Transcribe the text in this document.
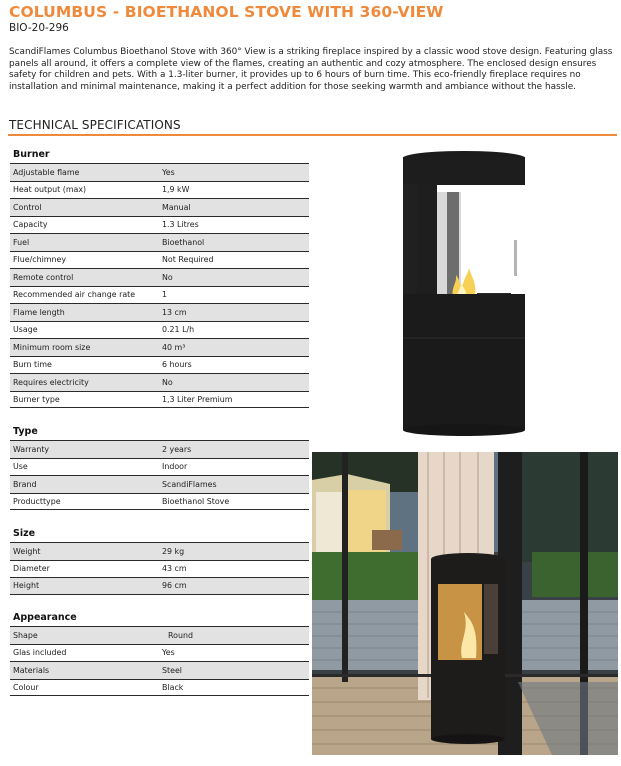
COLUMBUS - BIOETHANOL STOVE WITH 360-VIEW
BIO-20-296

ScandiFlames Columbus Bioethanol Stove with 360° View is a striking fireplace inspired by a classic wood stove design. Featuring glass panels all around, it offers a complete view of the flames, creating an authentic and cozy atmosphere. The enclosed design ensures safety for children and pets. With a 1.3-liter burner, it provides up to 6 hours of burn time. This eco-friendly fireplace requires no installation and minimal maintenance, making it a perfect addition for those seeking warmth and ambiance without the hassle.

TECHNICAL SPECIFICATIONS
Burner
Adjustable flame	Yes
Heat output (max)	1,9 kW
Control	Manual
Capacity	1.3 Litres
Fuel	Bioethanol
Flue/chimney	Not Required
Remote control	No
Recommended air change rate	1
Flame length	13 cm
Usage	0.21 L/h
Minimum room size	40 m³
Burn time	6 hours
Requires electricity	No
Burner type	1,3 Liter Premium
Type
Warranty	2 years
Use	Indoor
Brand	ScandiFlames
Producttype	Bioethanol Stove
Size
Weight	29 kg
Diameter	43 cm
Height	96 cm
Appearance
Shape	Round
Glas included	Yes
Materials	Steel
Colour	Black
